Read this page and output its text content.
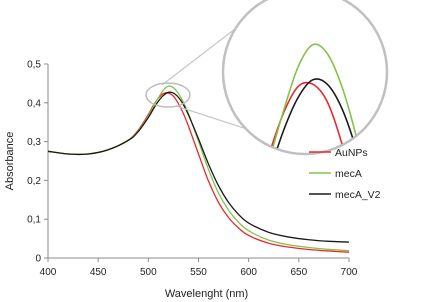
0
0,1
0,2
0,3
0,4
0,5
400	450	500	550	600	650	700
AuNPs
mecA
mecA_V2
Absorbance
Wavelenght (nm)
